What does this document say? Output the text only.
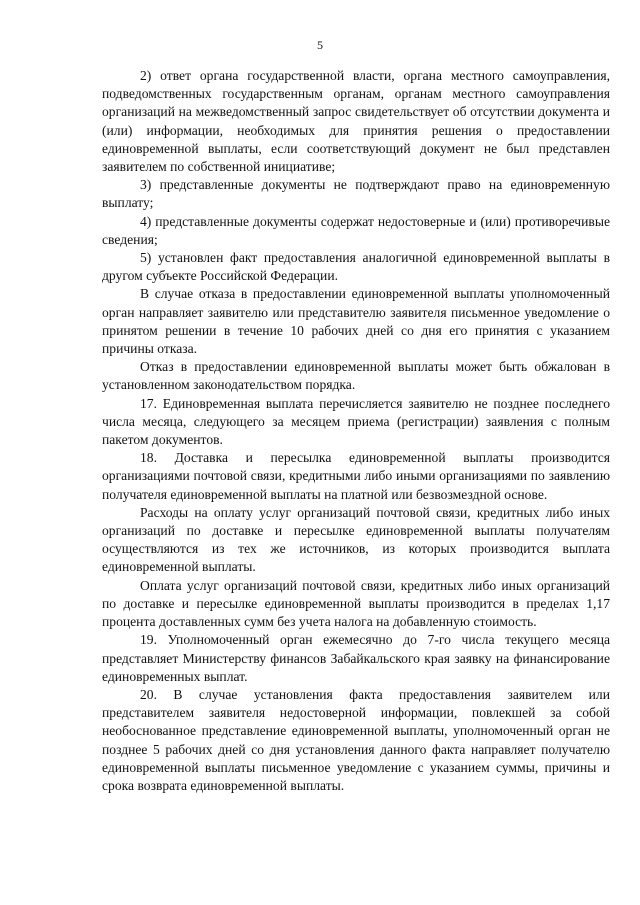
5

2) ответ органа государственной власти, органа местного самоуправления, подведомственных государственным органам, органам местного самоуправления организаций на межведомственный запрос свидетельствует об отсутствии документа и (или) информации, необходимых для принятия решения о предоставлении единовременной выплаты, если соответствующий документ не был представлен заявителем по собственной инициативе;

3) представленные документы не подтверждают право на единовременную выплату;

4) представленные документы содержат недостоверные и (или) противоречивые сведения;

5) установлен факт предоставления аналогичной единовременной выплаты в другом субъекте Российской Федерации.

В случае отказа в предоставлении единовременной выплаты уполномоченный орган направляет заявителю или представителю заявителя письменное уведомление о принятом решении в течение 10 рабочих дней со дня его принятия с указанием причины отказа.

Отказ в предоставлении единовременной выплаты может быть обжалован в установленном законодательством порядка.

17. Единовременная выплата перечисляется заявителю не позднее последнего числа месяца, следующего за месяцем приема (регистрации) заявления с полным пакетом документов.

18. Доставка и пересылка единовременной выплаты производится организациями почтовой связи, кредитными либо иными организациями по заявлению получателя единовременной выплаты на платной или безвозмездной основе.

Расходы на оплату услуг организаций почтовой связи, кредитных либо иных организаций по доставке и пересылке единовременной выплаты получателям осуществляются из тех же источников, из которых производится выплата единовременной выплаты.

Оплата услуг организаций почтовой связи, кредитных либо иных организаций по доставке и пересылке единовременной выплаты производится в пределах 1,17 процента доставленных сумм без учета налога на добавленную стоимость.

19. Уполномоченный орган ежемесячно до 7-го числа текущего месяца представляет Министерству финансов Забайкальского края заявку на финансирование единовременных выплат.

20. В случае установления факта предоставления заявителем или представителем заявителя недостоверной информации, повлекшей за собой необоснованное представление единовременной выплаты, уполномоченный орган не позднее 5 рабочих дней со дня установления данного факта направляет получателю единовременной выплаты письменное уведомление с указанием суммы, причины и срока возврата единовременной выплаты.
